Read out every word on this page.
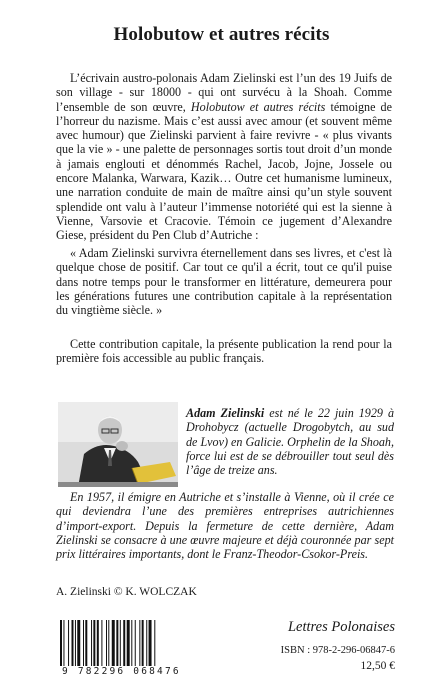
Holobutow et autres récits
L’écrivain austro-polonais Adam Zielinski est l’un des 19 Juifs de son village - sur 18000 - qui ont survécu à la Shoah. Comme l’ensemble de son œuvre, Holobutow et autres récits témoigne de l’horreur du nazisme. Mais c’est aussi avec amour (et souvent même avec humour) que Zielinski parvient à faire revivre - « plus vivants que la vie » - une palette de personnages sortis tout droit d’un monde à jamais englouti et dénommés Rachel, Jacob, Jojne, Jossele ou encore Malanka, Warwara, Kazik… Outre cet humanisme lumineux, une narration conduite de main de maître ainsi qu’un style souvent splendide ont valu à l’auteur l’immense notoriété qui est la sienne à Vienne, Varsovie et Cracovie. Témoin ce jugement d’Alexandre Giese, président du Pen Club d’Autriche :
« Adam Zielinski survivra éternellement dans ses livres, et c'est là quelque chose de positif. Car tout ce qu'il a écrit, tout ce qu'il puise dans notre temps pour le transformer en littérature, demeurera pour les générations futures une contribution capitale à la représentation du vingtième siècle. »
Cette contribution capitale, la présente publication la rend pour la première fois accessible au public français.
Adam Zielinski est né le 22 juin 1929 à Drohobycz (actuelle Drogobytch, au sud de Lvov) en Galicie. Orphelin de la Shoah, force lui est de se débrouiller tout seul dès l’âge de treize ans.
En 1957, il émigre en Autriche et s’installe à Vienne, où il crée ce qui deviendra l’une des premières entreprises autrichiennes d’import-export. Depuis la fermeture de cette dernière, Adam Zielinski se consacre à une œuvre majeure et déjà couronnée par sept prix littéraires importants, dont le Franz-Theodor-Csokor-Preis.
A. Zielinski © K. WOLCZAK
9 782296 068476
Lettres Polonaises
ISBN : 978-2-296-06847-6
12,50 €
